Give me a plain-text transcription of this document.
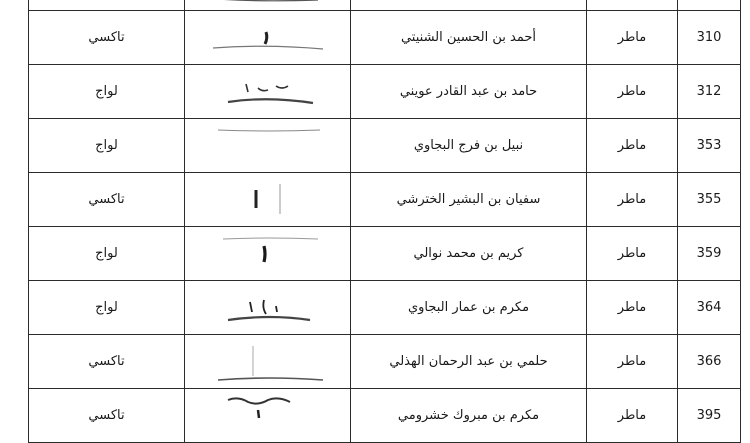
310	ماطر	أحمد بن الحسين الشنيتي		تاكسي
312	ماطر	حامد بن عبد القادر عويني		لواج
353	ماطر	نبيل بن فرج البجاوي		لواج
355	ماطر	سفيان بن البشير الخترشي		تاكسي
359	ماطر	كريم بن محمد نوالي		لواج
364	ماطر	مكرم بن عمار البجاوي		لواج
366	ماطر	حلمي بن عبد الرحمان الهذلي		تاكسي
395	ماطر	مكرم بن مبروك خشرومي		تاكسي
